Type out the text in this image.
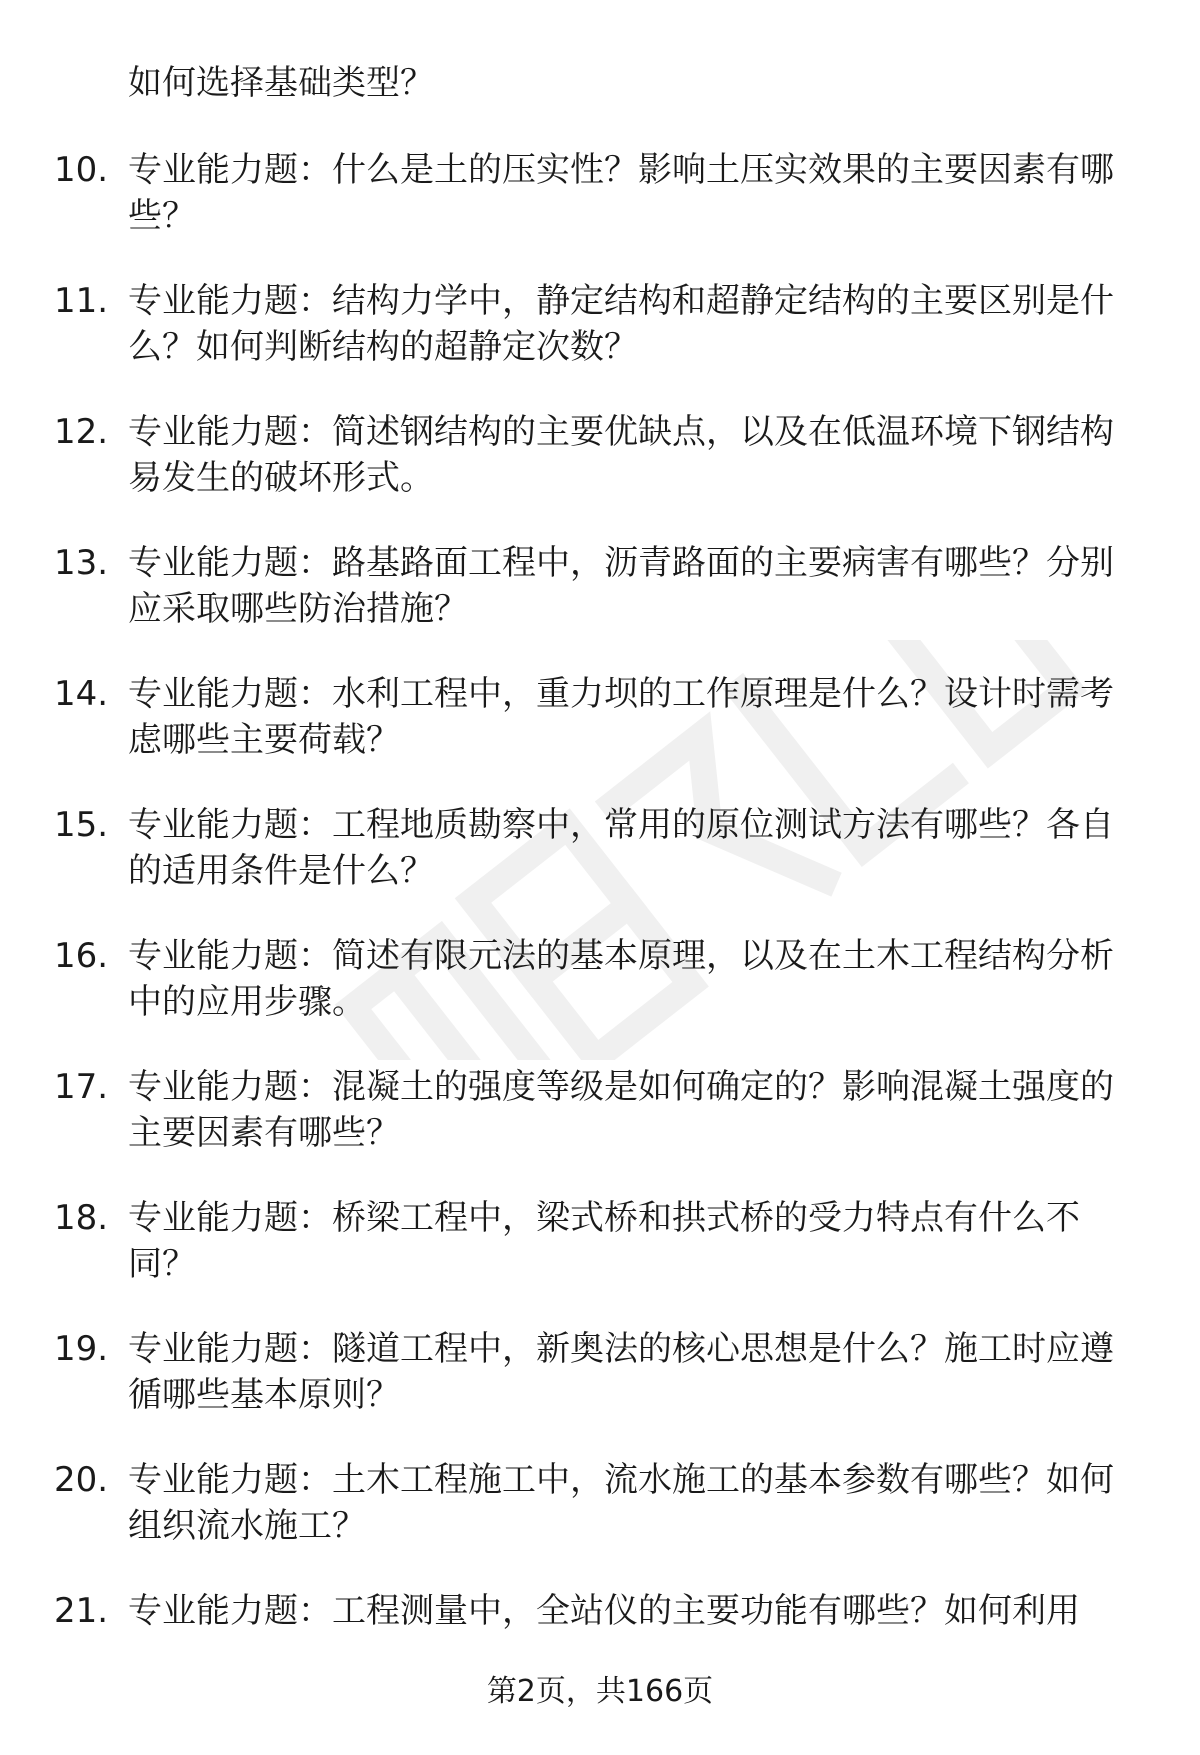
如何选择基础类型？

10. 专业能力题：什么是土的压实性？影响土压实效果的主要因素有哪些？

11. 专业能力题：结构力学中，静定结构和超静定结构的主要区别是什么？如何判断结构的超静定次数？

12. 专业能力题：简述钢结构的主要优缺点，以及在低温环境下钢结构易发生的破坏形式。

13. 专业能力题：路基路面工程中，沥青路面的主要病害有哪些？分别应采取哪些防治措施？

14. 专业能力题：水利工程中，重力坝的工作原理是什么？设计时需考虑哪些主要荷载？

15. 专业能力题：工程地质勘察中，常用的原位测试方法有哪些？各自的适用条件是什么？

16. 专业能力题：简述有限元法的基本原理，以及在土木工程结构分析中的应用步骤。

17. 专业能力题：混凝土的强度等级是如何确定的？影响混凝土强度的主要因素有哪些？

18. 专业能力题：桥梁工程中，梁式桥和拱式桥的受力特点有什么不同？

19. 专业能力题：隧道工程中，新奥法的核心思想是什么？施工时应遵循哪些基本原则？

20. 专业能力题：土木工程施工中，流水施工的基本参数有哪些？如何组织流水施工？

21. 专业能力题：工程测量中，全站仪的主要功能有哪些？如何利用

第2页，共166页
